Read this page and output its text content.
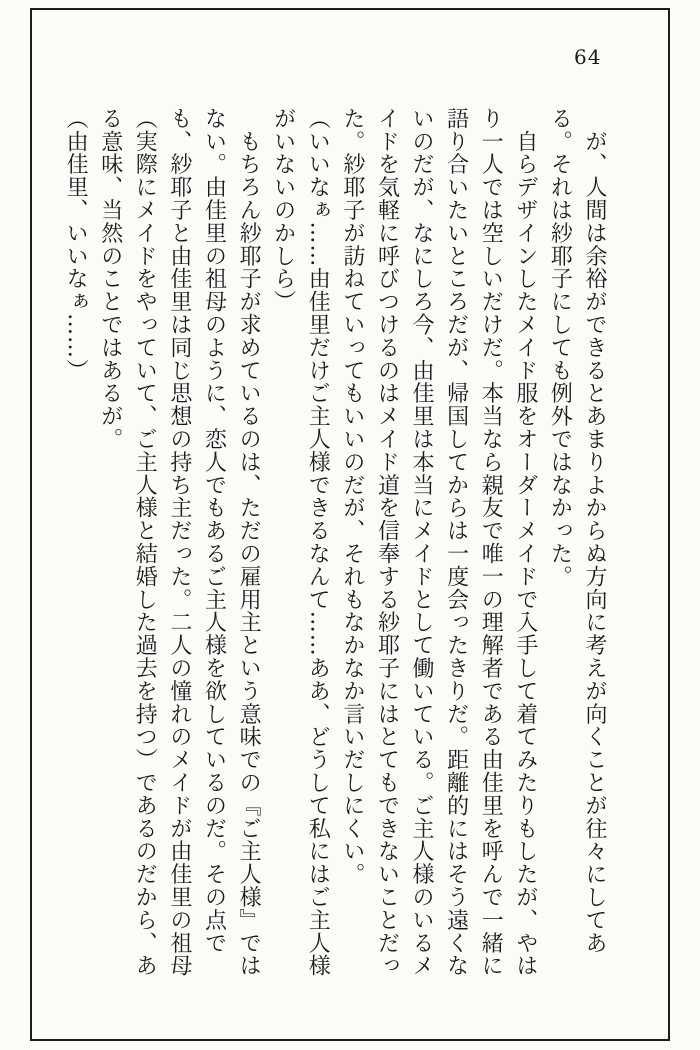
64

　が、人間は余裕ができるとあまりよからぬ方向に考えが向くことが往々にしてある。それは紗耶子にしても例外ではなかった。

　自らデザインしたメイド服をオーダーメイドで入手して着てみたりもしたが、やはり一人では空しいだけだ。本当なら親友で唯一の理解者である由佳里を呼んで一緒に語り合いたいところだが、帰国してからは一度会ったきりだ。距離的にはそう遠くないのだが、なにしろ今、由佳里は本当にメイドとして働いている。ご主人様のいるメイドを気軽に呼びつけるのはメイド道を信奉する紗耶子にはとてもできないことだった。紗耶子が訪ねていってもいいのだが、それもなかなか言いだしにくい。

（いいなぁ……由佳里だけご主人様できるなんて……ああ、どうして私にはご主人様がいないのかしら）

　もちろん紗耶子が求めているのは、ただの雇用主という意味での『ご主人様』ではない。由佳里の祖母のように、恋人でもあるご主人様を欲しているのだ。その点でも、紗耶子と由佳里は同じ思想の持ち主だった。二人の憧れのメイドが由佳里の祖母（実際にメイドをやっていて、ご主人様と結婚した過去を持つ）であるのだから、ある意味、当然のことではあるが。

（由佳里、いいなぁ……）
